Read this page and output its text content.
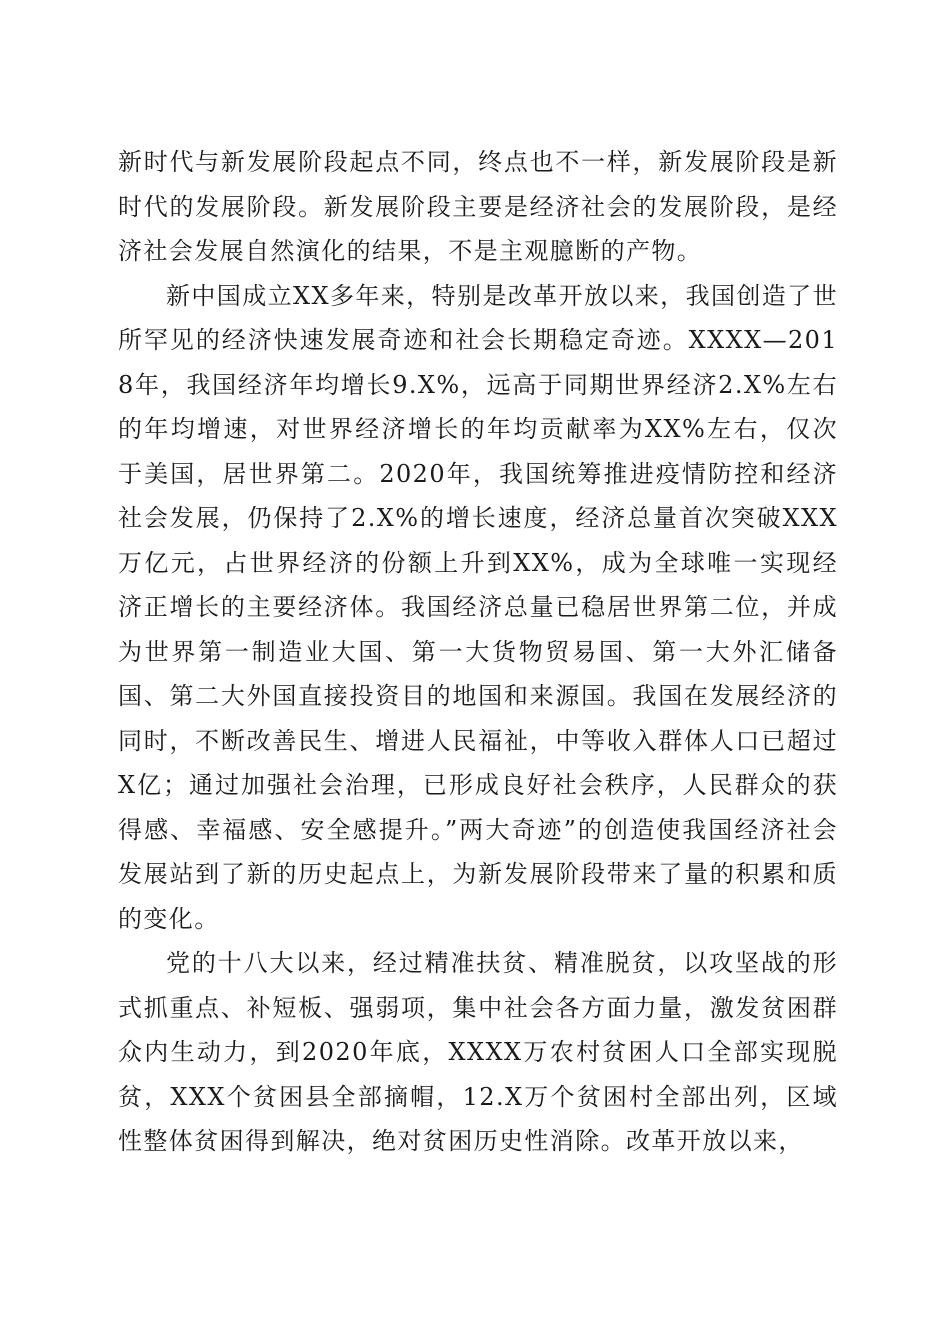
新时代与新发展阶段起点不同，终点也不一样，新发展阶段是新时代的发展阶段。新发展阶段主要是经济社会的发展阶段，是经济社会发展自然演化的结果，不是主观臆断的产物。

新中国成立XX多年来，特别是改革开放以来，我国创造了世所罕见的经济快速发展奇迹和社会长期稳定奇迹。XXXX—2018年，我国经济年均增长9.X%，远高于同期世界经济2.X%左右的年均增速，对世界经济增长的年均贡献率为XX%左右，仅次于美国，居世界第二。2020年，我国统筹推进疫情防控和经济社会发展，仍保持了2.X%的增长速度，经济总量首次突破XXX万亿元，占世界经济的份额上升到XX%，成为全球唯一实现经济正增长的主要经济体。我国经济总量已稳居世界第二位，并成为世界第一制造业大国、第一大货物贸易国、第一大外汇储备国、第二大外国直接投资目的地国和来源国。我国在发展经济的同时，不断改善民生、增进人民福祉，中等收入群体人口已超过X亿；通过加强社会治理，已形成良好社会秩序，人民群众的获得感、幸福感、安全感提升。”两大奇迹”的创造使我国经济社会发展站到了新的历史起点上，为新发展阶段带来了量的积累和质的变化。

党的十八大以来，经过精准扶贫、精准脱贫，以攻坚战的形式抓重点、补短板、强弱项，集中社会各方面力量，激发贫困群众内生动力，到2020年底，XXXX万农村贫困人口全部实现脱贫，XXX个贫困县全部摘帽，12.X万个贫困村全部出列，区域性整体贫困得到解决，绝对贫困历史性消除。改革开放以来，
